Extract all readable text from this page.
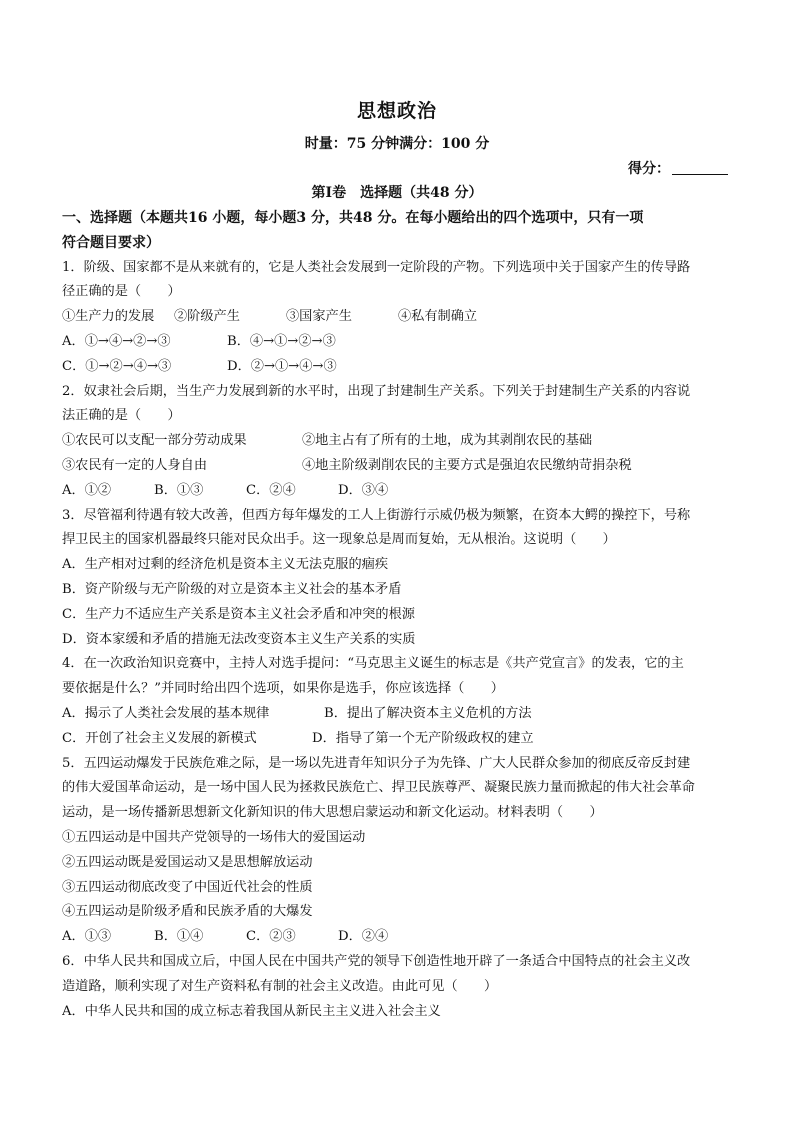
思想政治
时量：75 分钟满分：100 分
得分：
第Ⅰ卷　选择题（共48 分）
一、选择题（本题共16 小题，每小题3 分，共48 分。在每小题给出的四个选项中，只有一项
符合题目要求）
1．阶级、国家都不是从来就有的，它是人类社会发展到一定阶段的产物。下列选项中关于国家产生的传导路
径正确的是（　　）
①生产力的发展	②阶级产生	③国家产生	④私有制确立
A．①→④→②→③	B．④→①→②→③
C．①→②→④→③	D．②→①→④→③
2．奴隶社会后期，当生产力发展到新的水平时，出现了封建制生产关系。下列关于封建制生产关系的内容说
法正确的是（　　）
①农民可以支配一部分劳动成果	②地主占有了所有的土地，成为其剥削农民的基础
③农民有一定的人身自由	④地主阶级剥削农民的主要方式是强迫农民缴纳苛捐杂税
A．①②	B．①③	C．②④	D．③④
3．尽管福利待遇有较大改善，但西方每年爆发的工人上街游行示威仍极为频繁，在资本大鳄的操控下，号称
捍卫民主的国家机器最终只能对民众出手。这一现象总是周而复始，无从根治。这说明（　　）
A．生产相对过剩的经济危机是资本主义无法克服的痼疾
B．资产阶级与无产阶级的对立是资本主义社会的基本矛盾
C．生产力不适应生产关系是资本主义社会矛盾和冲突的根源
D．资本家缓和矛盾的措施无法改变资本主义生产关系的实质
4．在一次政治知识竞赛中，主持人对选手提问：“马克思主义诞生的标志是《共产党宣言》的发表，它的主
要依据是什么？”并同时给出四个选项，如果你是选手，你应该选择（　　）
A．揭示了人类社会发展的基本规律	B．提出了解决资本主义危机的方法
C．开创了社会主义发展的新模式	D．指导了第一个无产阶级政权的建立
5．五四运动爆发于民族危难之际，是一场以先进青年知识分子为先锋、广大人民群众参加的彻底反帝反封建
的伟大爱国革命运动，是一场中国人民为拯救民族危亡、捍卫民族尊严、凝聚民族力量而掀起的伟大社会革命
运动，是一场传播新思想新文化新知识的伟大思想启蒙运动和新文化运动。材料表明（　　）
①五四运动是中国共产党领导的一场伟大的爱国运动
②五四运动既是爱国运动又是思想解放运动
③五四运动彻底改变了中国近代社会的性质
④五四运动是阶级矛盾和民族矛盾的大爆发
A．①③	B．①④	C．②③	D．②④
6．中华人民共和国成立后，中国人民在中国共产党的领导下创造性地开辟了一条适合中国特点的社会主义改
造道路，顺利实现了对生产资料私有制的社会主义改造。由此可见（　　）
A．中华人民共和国的成立标志着我国从新民主主义进入社会主义
